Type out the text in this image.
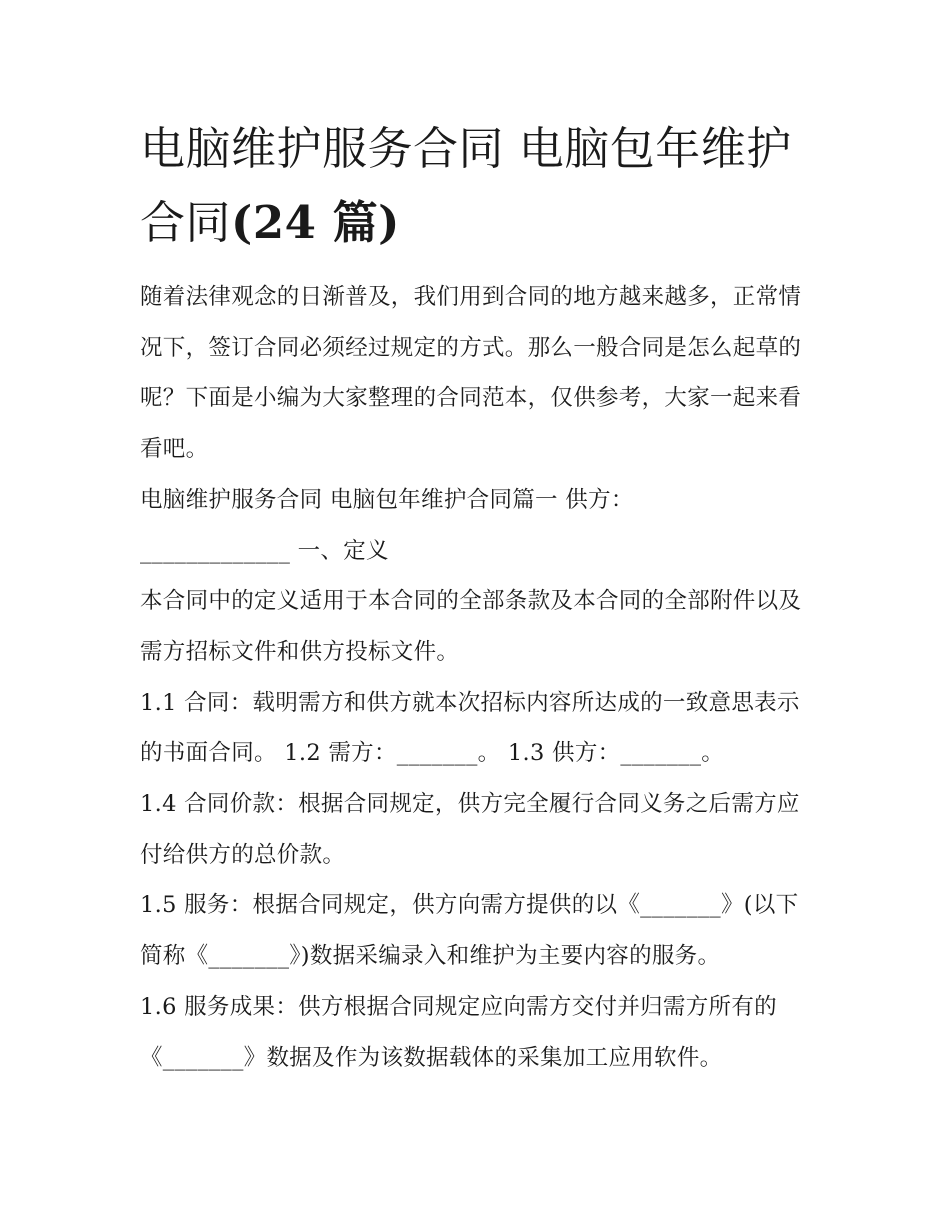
电脑维护服务合同 电脑包年维护合同(24 篇)

随着法律观念的日渐普及，我们用到合同的地方越来越多，正常情况下，签订合同必须经过规定的方式。那么一般合同是怎么起草的呢？下面是小编为大家整理的合同范本，仅供参考，大家一起来看看吧。

电脑维护服务合同 电脑包年维护合同篇一 供方：

_____________ 一、定义

本合同中的定义适用于本合同的全部条款及本合同的全部附件以及需方招标文件和供方投标文件。

1.1 合同：载明需方和供方就本次招标内容所达成的一致意思表示的书面合同。 1.2 需方：_______。 1.3 供方：_______。

1.4 合同价款：根据合同规定，供方完全履行合同义务之后需方应付给供方的总价款。

1.5 服务：根据合同规定，供方向需方提供的以《_______》(以下简称《_______》)数据采编录入和维护为主要内容的服务。

1.6 服务成果：供方根据合同规定应向需方交付并归需方所有的《_______》数据及作为该数据载体的采集加工应用软件。
